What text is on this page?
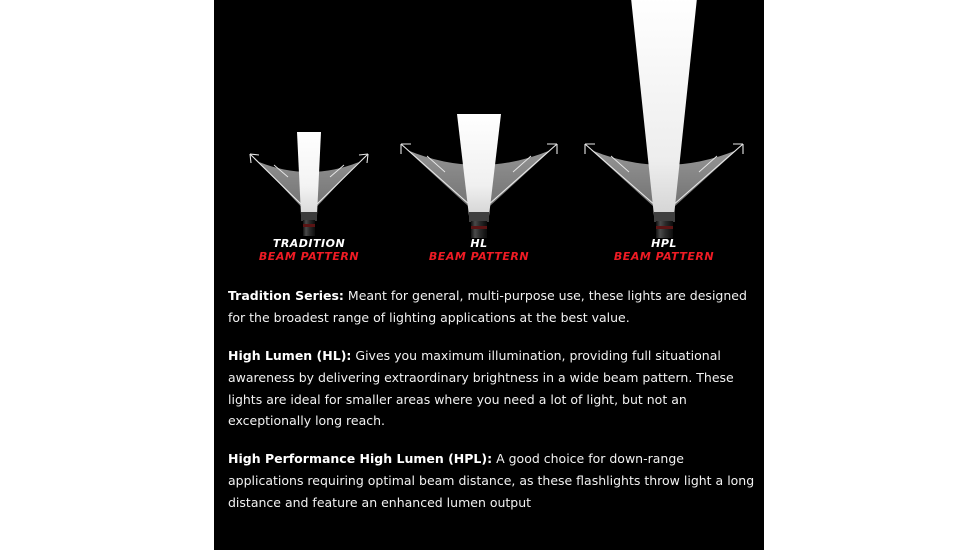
TRADITION
BEAM PATTERN
HL
BEAM PATTERN
HPL
BEAM PATTERN

Tradition Series: Meant for general, multi-purpose use, these lights are designed for the broadest range of lighting applications at the best value.

High Lumen (HL): Gives you maximum illumination, providing full situational awareness by delivering extraordinary brightness in a wide beam pattern. These lights are ideal for smaller areas where you need a lot of light, but not an exceptionally long reach.

High Performance High Lumen (HPL): A good choice for down-range applications requiring optimal beam distance, as these flashlights throw light a long distance and feature an enhanced lumen output
